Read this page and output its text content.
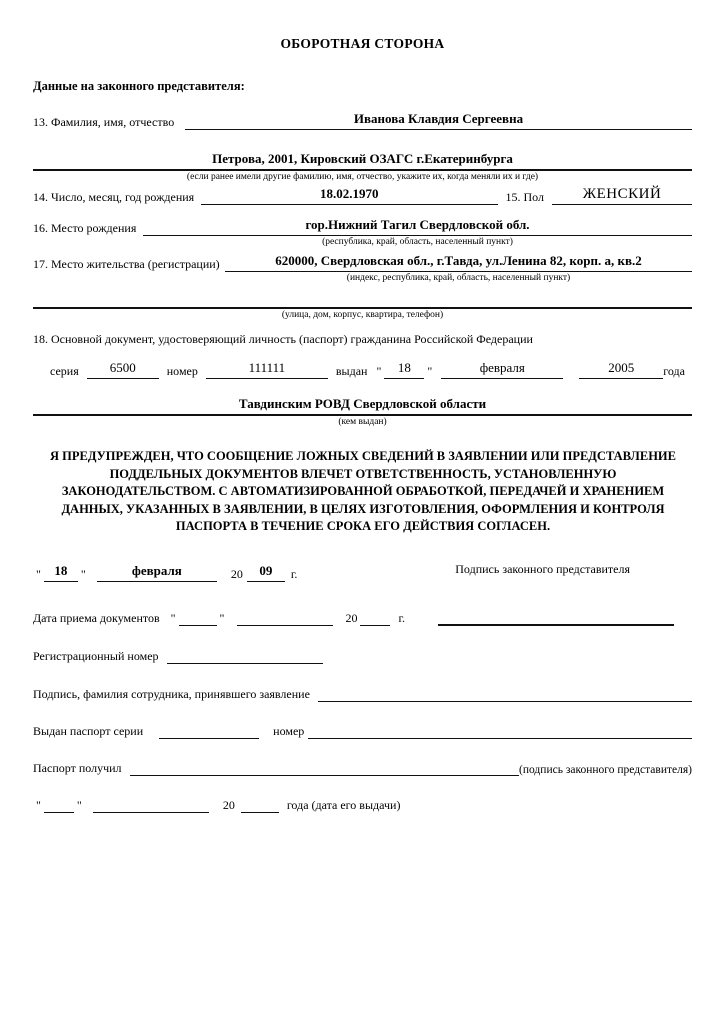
ОБОРОТНАЯ СТОРОНА
Данные на законного представителя:
13. Фамилия, имя, отчество	Иванова Клавдия Сергеевна
Петрова, 2001, Кировский ОЗАГС г.Екатеринбурга
(если ранее имели другие фамилию, имя, отчество, укажите их, когда меняли их и где)
14. Число, месяц, год рождения	18.02.1970	15. Пол	ЖЕНСКИЙ
16. Место рождения	гор.Нижний Тагил Свердловской обл.
(республика, край, область, населенный пункт)
17. Место жительства (регистрации)	620000, Свердловская обл., г.Тавда, ул.Ленина 82, корп. а, кв.2
(индекс, республика, край, область, населенный пункт)
(улица, дом, корпус, квартира, телефон)
18. Основной документ, удостоверяющий личность (паспорт) гражданина Российской Федерации
серия	6500	номер	111111	выдан "	18	"	февраля	2005	года
Тавдинским РОВД Свердловской области
(кем выдан)
Я ПРЕДУПРЕЖДЕН, ЧТО СООБЩЕНИЕ ЛОЖНЫХ СВЕДЕНИЙ В ЗАЯВЛЕНИИ ИЛИ ПРЕДСТАВЛЕНИЕ ПОДДЕЛЬНЫХ ДОКУМЕНТОВ ВЛЕЧЕТ ОТВЕТСТВЕННОСТЬ, УСТАНОВЛЕННУЮ ЗАКОНОДАТЕЛЬСТВОМ. С АВТОМАТИЗИРОВАННОЙ ОБРАБОТКОЙ, ПЕРЕДАЧЕЙ И ХРАНЕНИЕМ ДАННЫХ, УКАЗАННЫХ В ЗАЯВЛЕНИИ, В ЦЕЛЯХ ИЗГОТОВЛЕНИЯ, ОФОРМЛЕНИЯ И КОНТРОЛЯ ПАСПОРТА В ТЕЧЕНИЕ СРОКА ЕГО ДЕЙСТВИЯ СОГЛАСЕН.
"	18	"	февраля	20	09	г.	Подпись законного представителя
Дата приема документов "	"	20	г.
Регистрационный номер
Подпись, фамилия сотрудника, принявшего заявление
Выдан паспорт серии	номер
Паспорт получил	(подпись законного представителя)
"	"	20	года (дата его выдачи)
